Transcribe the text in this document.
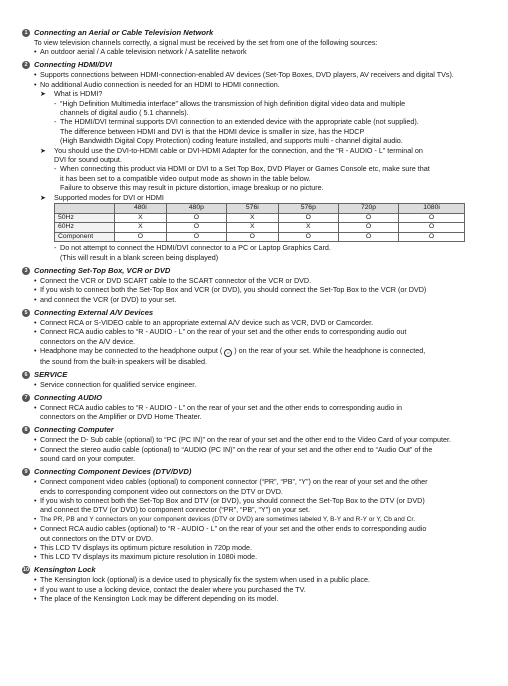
1 Connecting an Aerial or Cable Television Network
To view television channels correctly, a signal must be received by the set from one of the following sources:
• An outdoor aerial / A cable television network / A satellite network
2 Connecting HDMI/DVI
• Supports connections between HDMI-connection-enabled AV devices (Set-Top Boxes, DVD players, AV receivers and digital TVs).
• No additional Audio connection is needed for an HDMI to HDMI connection.
➤ What is HDMI?
- “High Definition Multimedia interface” allows the transmission of high definition digital video data and multiple
channels of digital audio ( 5.1 channels).
- The HDMI/DVI terminal supports DVI connection to an extended device with the appropriate cable (not supplied).
The difference between HDMI and DVI is that the HDMI device is smaller in size, has the HDCP
(High Bandwidth Digital Copy Protection) coding feature installed, and supports multi - channel digital audio.
➤ You should use the DVI-to-HDMI cable or DVI-HDMI Adapter for the connection, and the “R - AUDIO - L” terminal on
DVI for sound output.
- When connecting this product via HDMI or DVI to a Set Top Box, DVD Player or Games Console etc, make sure that
it has been set to a compatible video output mode as shown in the table below.
Failure to observe this may result in picture distortion, image breakup or no picture.
➤ Supported modes for DVI or HDMI
	480i	480p	576i	576p	720p	1080i
50Hz	X	O	X	O	O	O
60Hz	X	O	X	X	O	O
Component	O	O	O	O	O	O
- Do not attempt to connect the HDMI/DVI connector to a PC or Laptop Graphics Card.
(This will result in a blank screen being displayed)
3 Connecting Set-Top Box, VCR or DVD
• Connect the VCR or DVD SCART cable to the SCART connector of the VCR or DVD.
• If you wish to connect both the Set-Top Box and VCR (or DVD), you should connect the Set-Top Box to the VCR (or DVD)
• and connect the VCR (or DVD) to your set.
5 Connecting External A/V Devices
• Connect RCA or S-VIDEO cable to an appropriate external A/V device such as VCR, DVD or Camcorder.
• Connect RCA audio cables to “R - AUDIO - L” on the rear of your set and the other ends to corresponding audio out
connectors on the A/V device.
• Headphone may be connected to the headphone output ( ♫ ) on the rear of your set. While the headphone is connected,
the sound from the built-in speakers will be disabled.
6 SERVICE
• Service connection for qualified service engineer.
7 Connecting AUDIO
• Connect RCA audio cables to “R - AUDIO - L” on the rear of your set and the other ends to corresponding audio in
connectors on the Amplifier or DVD Home Theater.
8 Connecting Computer
• Connect the D- Sub cable (optional) to “PC (PC IN)” on the rear of your set and the other end to the Video Card of your computer.
• Connect the stereo audio cable (optional) to “AUDIO (PC IN)” on the rear of your set and the other end to “Audio Out” of the
sound card on your computer.
9 Connecting Component Devices (DTV/DVD)
• Connect component video cables (optional) to component connector (“PR”, “PB”, “Y”) on the rear of your set and the other
ends to corresponding component video out connectors on the DTV or DVD.
• If you wish to connect both the Set-Top Box and DTV (or DVD), you should connect the Set-Top Box to the DTV (or DVD)
and connect the DTV (or DVD) to component connector (“PR”, “PB”, “Y”) on your set.
• The PR, PB and Y connectors on your component devices (DTV or DVD) are sometimes labeled Y, B-Y and R-Y or Y, Cb and Cr.
• Connect RCA audio cables (optional) to “R - AUDIO - L” on the rear of your set and the other ends to corresponding audio
out connectors on the DTV or DVD.
• This LCD TV displays its optimum picture resolution in 720p mode.
• This LCD TV displays its maximum picture resolution in 1080i mode.
10 Kensington Lock
• The Kensington lock (optional) is a device used to physically fix the system when used in a public place.
• If you want to use a locking device, contact the dealer where you purchased the TV.
• The place of the Kensington Lock may be different depending on its model.
